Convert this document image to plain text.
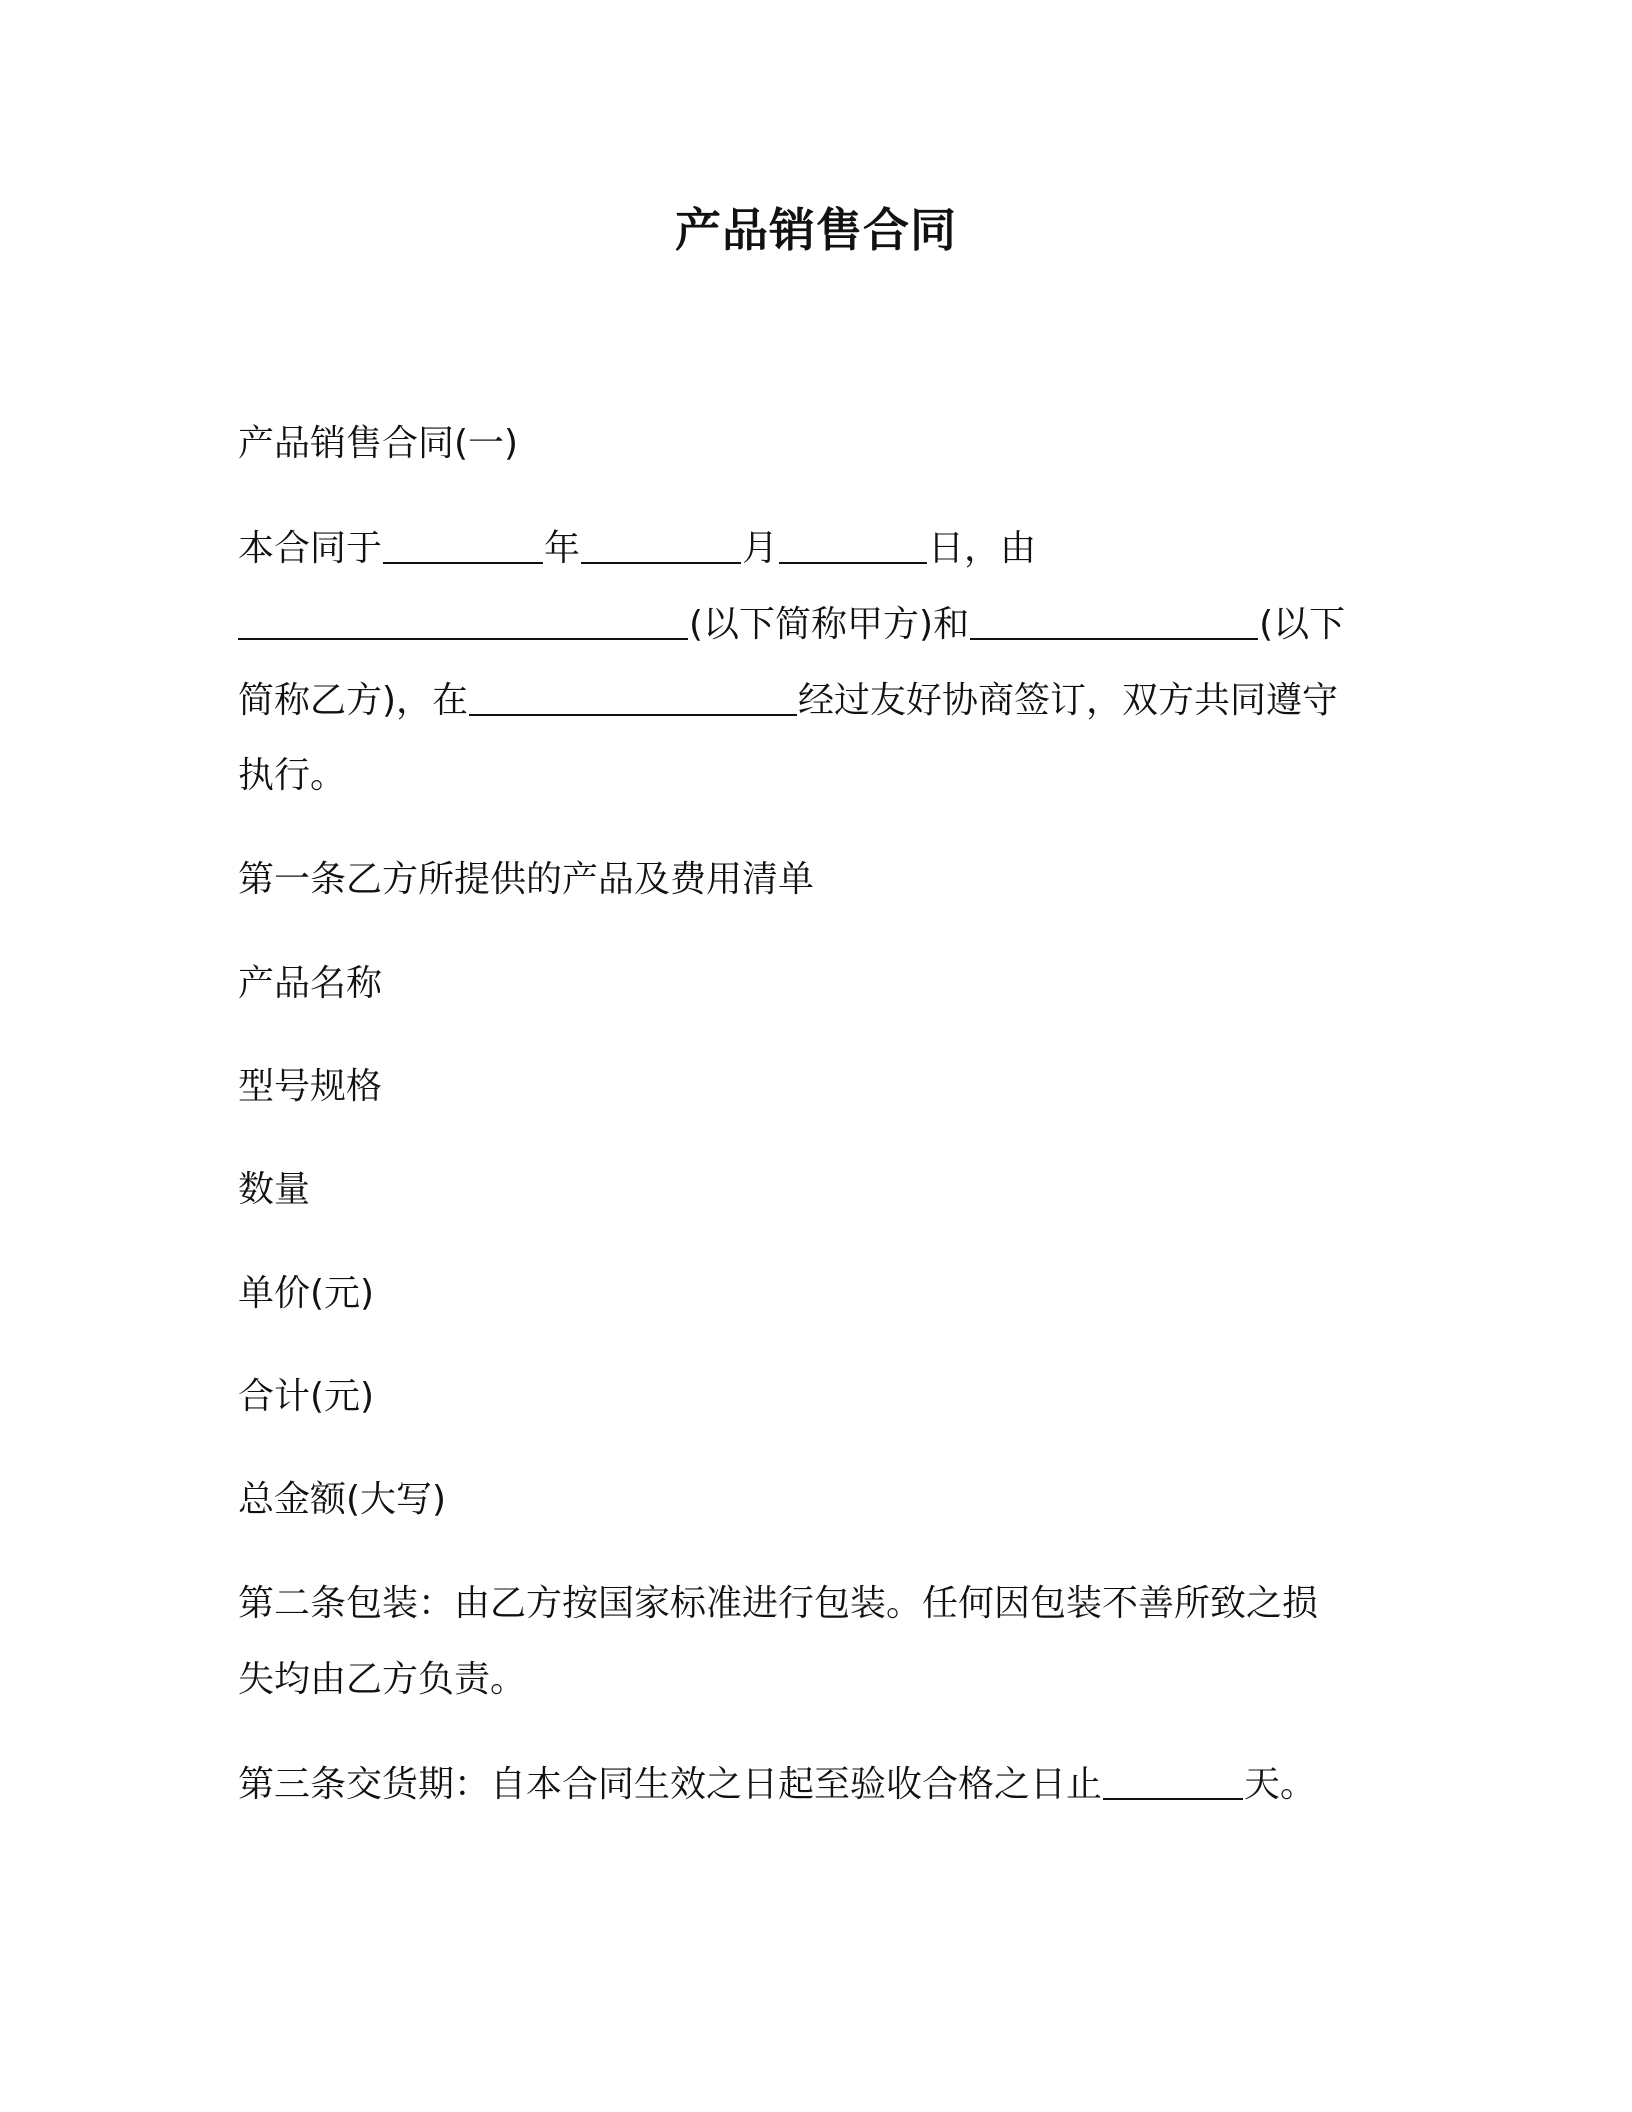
产品销售合同

产品销售合同(一)

本合同于	年	月	日，由

(以下简称甲方)和	(以下

简称乙方)，在	经过友好协商签订，双方共同遵守

执行。

第一条乙方所提供的产品及费用清单

产品名称

型号规格

数量

单价(元)

合计(元)

总金额(大写)

第二条包装：由乙方按国家标准进行包装。任何因包装不善所致之损

失均由乙方负责。

第三条交货期：自本合同生效之日起至验收合格之日止	天。
